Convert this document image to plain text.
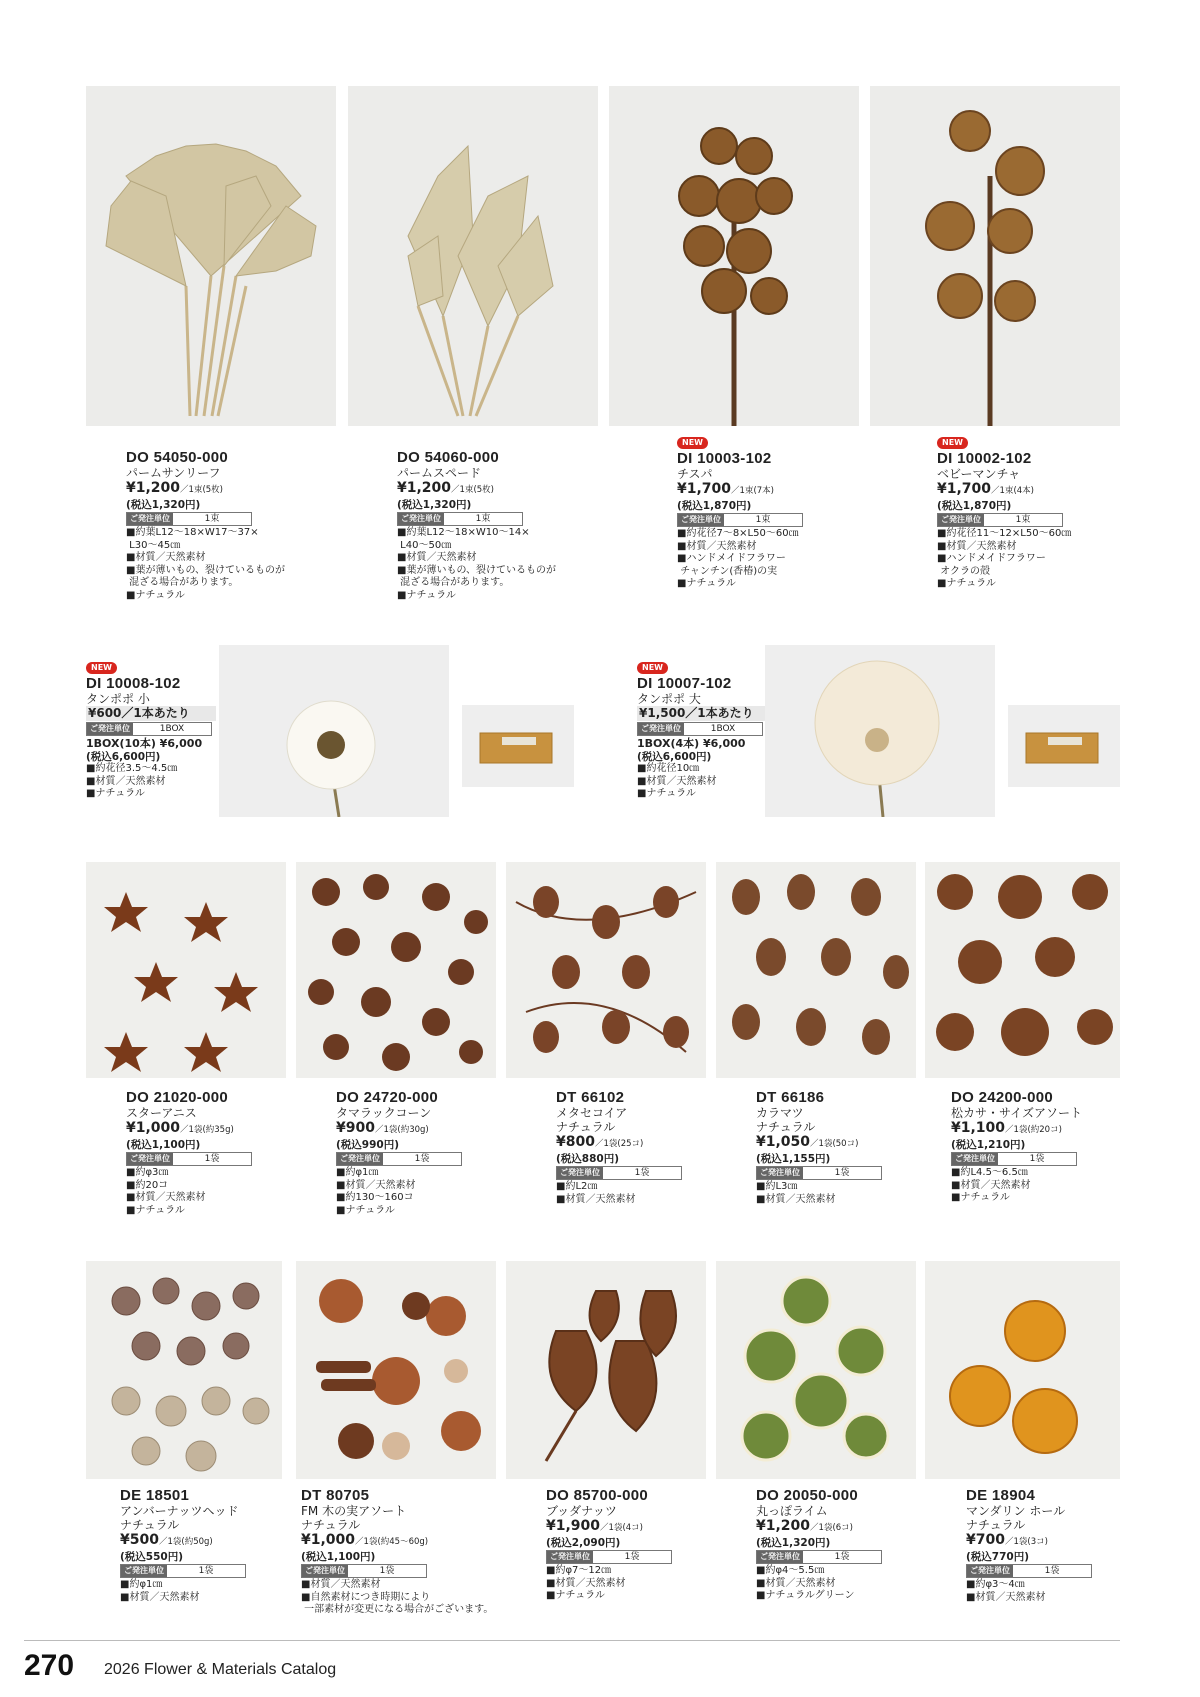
DO 54050-000
パームサンリーフ
¥1,200／1束(5枚)
(税込1,320円)
ご発注単位	1束
■ 約葉L12～18×W17～37×
L30～45㎝
■ 材質／天然素材
■ 葉が薄いもの、裂けているものが
混ざる場合があります。
■ ナチュラル
DO 54060-000
パームスペード
¥1,200／1束(5枚)
(税込1,320円)
ご発注単位	1束
■ 約葉L12～18×W10～14×
L40～50㎝
■ 材質／天然素材
■ 葉が薄いもの、裂けているものが
混ざる場合があります。
■ ナチュラル
NEW
DI 10003-102
チスパ
¥1,700／1束(7本)
(税込1,870円)
ご発注単位	1束
■ 約花径7～8×L50～60㎝
■ 材質／天然素材
■ ハンドメイドフラワー
チャンチン(香椿)の実
■ ナチュラル
NEW
DI 10002-102
ベビーマンチャ
¥1,700／1束(4本)
(税込1,870円)
ご発注単位	1束
■ 約花径11～12×L50～60㎝
■ 材質／天然素材
■ ハンドメイドフラワー
オクラの殻
■ ナチュラル
NEW
DI 10008-102
タンポポ 小
¥600／1本あたり
ご発注単位	1BOX
1BOX(10本) ¥6,000
(税込6,600円)
■ 約花径3.5～4.5㎝
■ 材質／天然素材
■ ナチュラル
NEW
DI 10007-102
タンポポ 大
¥1,500／1本あたり
ご発注単位	1BOX
1BOX(4本) ¥6,000
(税込6,600円)
■ 約花径10㎝
■ 材質／天然素材
■ ナチュラル
DO 21020-000
スターアニス
¥1,000／1袋(約35g)
(税込1,100円)
ご発注単位	1袋
■ 約φ3㎝
■ 約20コ
■ 材質／天然素材
■ ナチュラル
DO 24720-000
タマラックコーン
¥900／1袋(約30g)
(税込990円)
ご発注単位	1袋
■ 約φ1㎝
■ 材質／天然素材
■ 約130～160コ
■ ナチュラル
DT 66102
メタセコイア
ナチュラル
¥800／1袋(25コ)
(税込880円)
ご発注単位	1袋
■ 約L2㎝
■ 材質／天然素材
DT 66186
カラマツ
ナチュラル
¥1,050／1袋(50コ)
(税込1,155円)
ご発注単位	1袋
■ 約L3㎝
■ 材質／天然素材
DO 24200-000
松カサ・サイズアソート
¥1,100／1袋(約20コ)
(税込1,210円)
ご発注単位	1袋
■ 約L4.5～6.5㎝
■ 材質／天然素材
■ ナチュラル
DE 18501
アンバーナッツヘッド
ナチュラル
¥500／1袋(約50g)
(税込550円)
ご発注単位	1袋
■ 約φ1㎝
■ 材質／天然素材
DT 80705
FM 木の実アソート
ナチュラル
¥1,000／1袋(約45～60g)
(税込1,100円)
ご発注単位	1袋
■ 材質／天然素材
■ 自然素材につき時期により
一部素材が変更になる場合がございます。
DO 85700-000
ブッダナッツ
¥1,900／1袋(4コ)
(税込2,090円)
ご発注単位	1袋
■ 約φ7～12㎝
■ 材質／天然素材
■ ナチュラル
DO 20050-000
丸っぽライム
¥1,200／1袋(6コ)
(税込1,320円)
ご発注単位	1袋
■ 約φ4～5.5㎝
■ 材質／天然素材
■ ナチュラルグリーン
DE 18904
マンダリン ホール
ナチュラル
¥700／1袋(3コ)
(税込770円)
ご発注単位	1袋
■ 約φ3～4㎝
■ 材質／天然素材
270 2026 Flower & Materials Catalog
